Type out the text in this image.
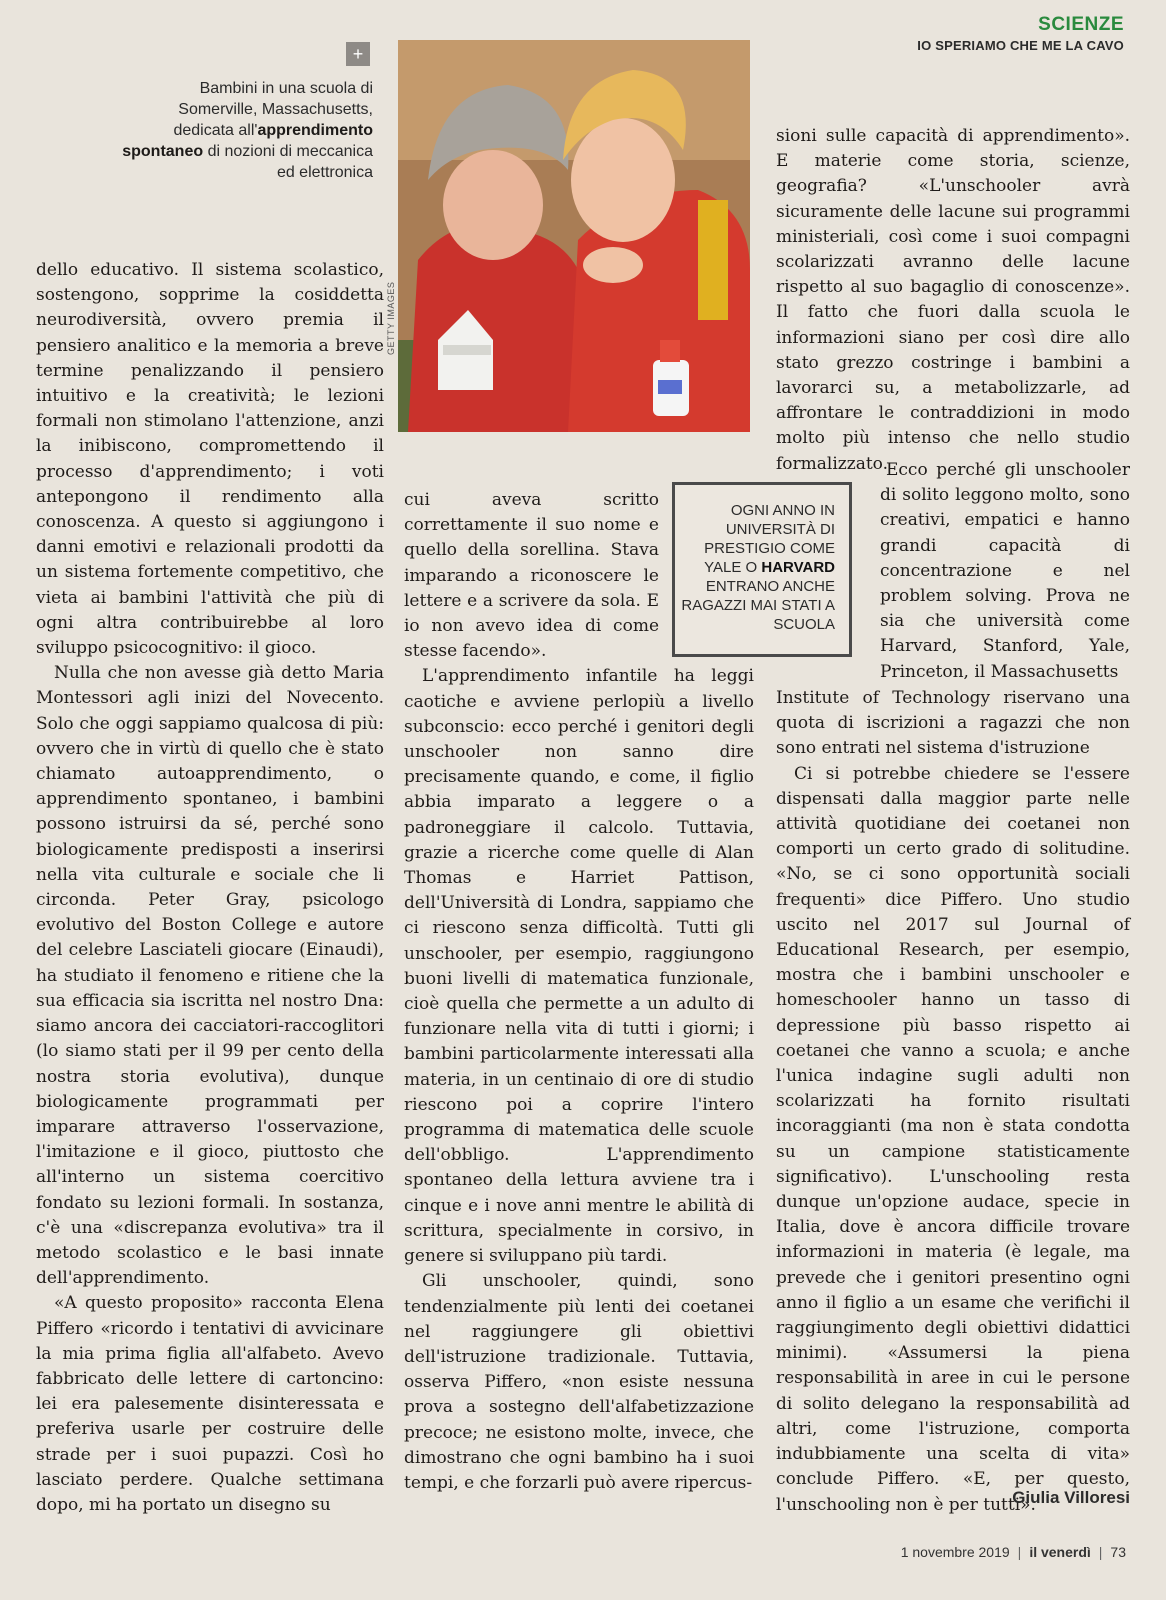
SCIENZE
IO SPERIAMO CHE ME LA CAVO
+
Bambini in una scuola di Somerville, Massachusetts, dedicata all'apprendimento spontaneo di nozioni di meccanica ed elettronica
GETTY IMAGES

dello educativo. Il sistema scolastico, sostengono, sopprime la cosiddetta neurodiversità, ovvero premia il pensiero analitico e la memoria a breve termine penalizzando il pensiero intuitivo e la creatività; le lezioni formali non stimolano l'attenzione, anzi la inibiscono, compromettendo il processo d'apprendimento; i voti antepongono il rendimento alla conoscenza. A questo si aggiungono i danni emotivi e relazionali prodotti da un sistema fortemente competitivo, che vieta ai bambini l'attività che più di ogni altra contribuirebbe al loro sviluppo psicocognitivo: il gioco.

Nulla che non avesse già detto Maria Montessori agli inizi del Novecento. Solo che oggi sappiamo qualcosa di più: ovvero che in virtù di quello che è stato chiamato autoapprendimento, o apprendimento spontaneo, i bambini possono istruirsi da sé, perché sono biologicamente predisposti a inserirsi nella vita culturale e sociale che li circonda. Peter Gray, psicologo evolutivo del Boston College e autore del celebre Lasciateli giocare (Einaudi), ha studiato il fenomeno e ritiene che la sua efficacia sia iscritta nel nostro Dna: siamo ancora dei cacciatori-raccoglitori (lo siamo stati per il 99 per cento della nostra storia evolutiva), dunque biologicamente programmati per imparare attraverso l'osservazione, l'imitazione e il gioco, piuttosto che all'interno un sistema coercitivo fondato su lezioni formali. In sostanza, c'è una «discrepanza evolutiva» tra il metodo scolastico e le basi innate dell'apprendimento.

«A questo proposito» racconta Elena Piffero «ricordo i tentativi di avvicinare la mia prima figlia all'alfabeto. Avevo fabbricato delle lettere di cartoncino: lei era palesemente disinteressata e preferiva usarle per costruire delle strade per i suoi pupazzi. Così ho lasciato perdere. Qualche settimana dopo, mi ha portato un disegno su

cui aveva scritto correttamente il suo nome e quello della sorellina. Stava imparando a riconoscere le lettere e a scrivere da sola. E io non avevo idea di come stesse facendo».

L'apprendimento infantile ha leggi caotiche e avviene perlopiù a livello subconscio: ecco perché i genitori degli unschooler non sanno dire precisamente quando, e come, il figlio abbia imparato a leggere o a padroneggiare il calcolo. Tuttavia, grazie a ricerche come quelle di Alan Thomas e Harriet Pattison, dell'Università di Londra, sappiamo che ci riescono senza difficoltà. Tutti gli unschooler, per esempio, raggiungono buoni livelli di matematica funzionale, cioè quella che permette a un adulto di funzionare nella vita di tutti i giorni; i bambini particolarmente interessati alla materia, in un centinaio di ore di studio riescono poi a coprire l'intero programma di matematica delle scuole dell'obbligo. L'apprendimento spontaneo della lettura avviene tra i cinque e i nove anni mentre le abilità di scrittura, specialmente in corsivo, in genere si sviluppano più tardi.

Gli unschooler, quindi, sono tendenzialmente più lenti dei coetanei nel raggiungere gli obiettivi dell'istruzione tradizionale. Tuttavia, osserva Piffero, «non esiste nessuna prova a sostegno dell'alfabetizzazione precoce; ne esistono molte, invece, che dimostrano che ogni bambino ha i suoi tempi, e che forzarli può avere ripercus-

OGNI ANNO IN UNIVERSITÀ DI PRESTIGIO COME YALE O HARVARD ENTRANO ANCHE RAGAZZI MAI STATI A SCUOLA

sioni sulle capacità di apprendimento». E materie come storia, scienze, geografia? «L'unschooler avrà sicuramente delle lacune sui programmi ministeriali, così come i suoi compagni scolarizzati avranno delle lacune rispetto al suo bagaglio di conoscenze». Il fatto che fuori dalla scuola le informazioni siano per così dire allo stato grezzo costringe i bambini a lavorarci su, a metabolizzarle, ad affrontare le contraddizioni in modo molto più intenso che nello studio formalizzato.

Ecco perché gli unschooler di solito leggono molto, sono creativi, empatici e hanno grandi capacità di concentrazione e nel problem solving. Prova ne sia che università come Harvard, Stanford, Yale, Princeton, il Massachusetts

Institute of Technology riservano una quota di iscrizioni a ragazzi che non sono entrati nel sistema d'istruzione

Ci si potrebbe chiedere se l'essere dispensati dalla maggior parte nelle attività quotidiane dei coetanei non comporti un certo grado di solitudine. «No, se ci sono opportunità sociali frequenti» dice Piffero. Uno studio uscito nel 2017 sul Journal of Educational Research, per esempio, mostra che i bambini unschooler e homeschooler hanno un tasso di depressione più basso rispetto ai coetanei che vanno a scuola; e anche l'unica indagine sugli adulti non scolarizzati ha fornito risultati incoraggianti (ma non è stata condotta su un campione statisticamente significativo). L'unschooling resta dunque un'opzione audace, specie in Italia, dove è ancora difficile trovare informazioni in materia (è legale, ma prevede che i genitori presentino ogni anno il figlio a un esame che verifichi il raggiungimento degli obiettivi didattici minimi). «Assumersi la piena responsabilità in aree in cui le persone di solito delegano la responsabilità ad altri, come l'istruzione, comporta indubbiamente una scelta di vita» conclude Piffero. «E, per questo, l'unschooling non è per tutti».

Giulia Villoresi
1 novembre 2019 | il venerdì | 73
